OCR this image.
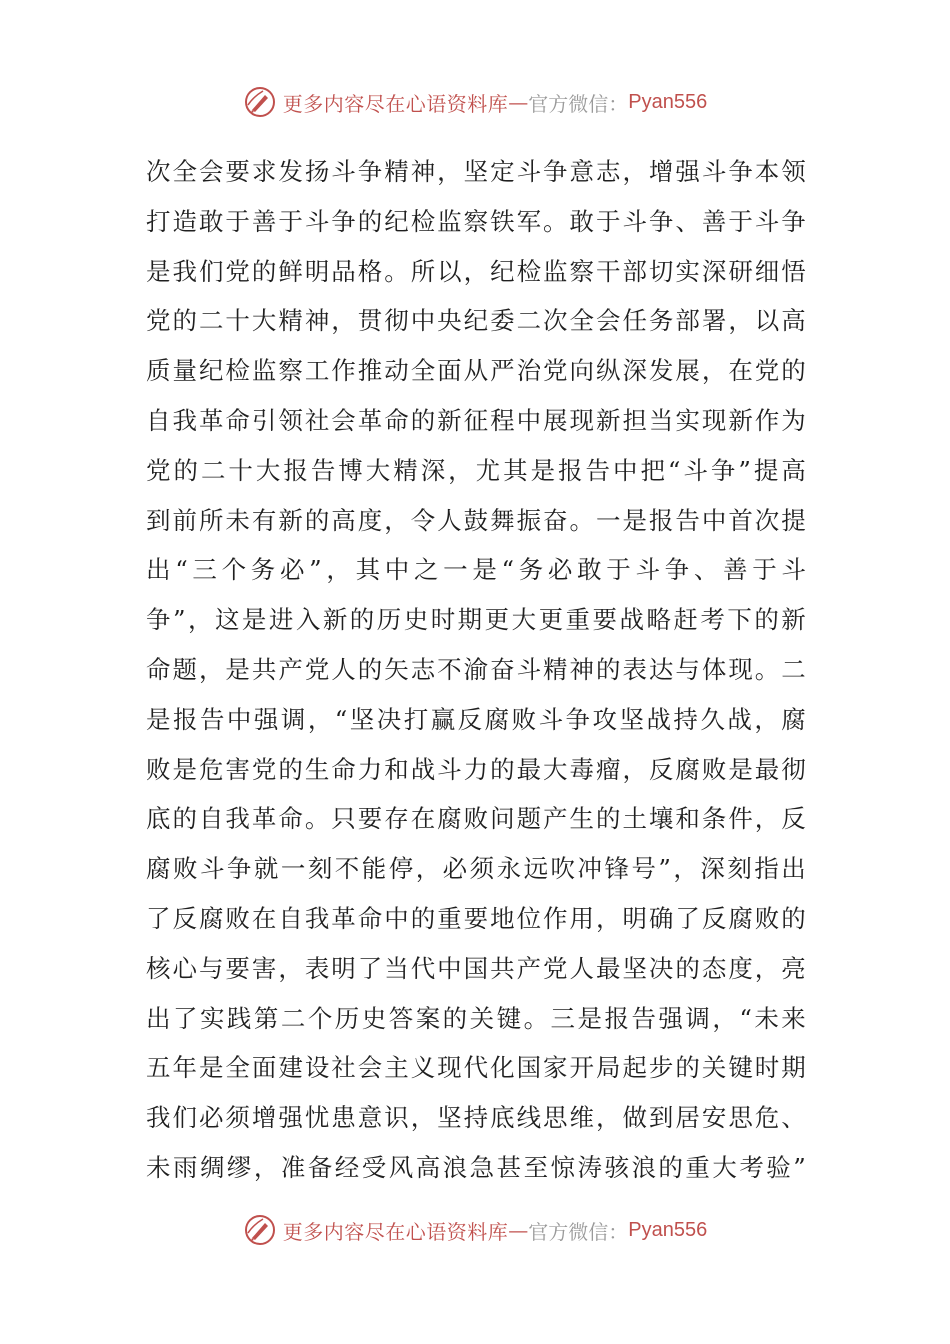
更多内容尽在心语资料库 — 官方微信： Pyan556
次 全 会 要 求 发 扬 斗 争 精 神 ， 坚 定 斗 争 意 志 ， 增 强 斗 争 本 领
打 造 敢 于 善 于 斗 争 的 纪 检 监 察 铁 军 。 敢 于 斗 争 、 善 于 斗 争
是 我 们 党 的 鲜 明 品 格 。 所 以 ， 纪 检 监 察 干 部 切 实 深 研 细 悟
党 的 二 十 大 精 神 ， 贯 彻 中 央 纪 委 二 次 全 会 任 务 部 署 ， 以 高
质 量 纪 检 监 察 工 作 推 动 全 面 从 严 治 党 向 纵 深 发 展 ， 在 党 的
自 我 革 命 引 领 社 会 革 命 的 新 征 程 中 展 现 新 担 当 实 现 新 作 为
党 的 二 十 大 报 告 博 大 精 深 ， 尤 其 是 报 告 中 把 “ 斗 争 ” 提 高
到 前 所 未 有 新 的 高 度 ， 令 人 鼓 舞 振 奋 。 一 是 报 告 中 首 次 提
出 “ 三 个 务 必 ” ， 其 中 之 一 是 “ 务 必 敢 于 斗 争 、 善 于 斗
争 ” ， 这 是 进 入 新 的 历 史 时 期 更 大 更 重 要 战 略 赶 考 下 的 新
命 题 ， 是 共 产 党 人 的 矢 志 不 渝 奋 斗 精 神 的 表 达 与 体 现 。 二
是 报 告 中 强 调 ， “ 坚 决 打 赢 反 腐 败 斗 争 攻 坚 战 持 久 战 ， 腐
败 是 危 害 党 的 生 命 力 和 战 斗 力 的 最 大 毒 瘤 ， 反 腐 败 是 最 彻
底 的 自 我 革 命 。 只 要 存 在 腐 败 问 题 产 生 的 土 壤 和 条 件 ， 反
腐 败 斗 争 就 一 刻 不 能 停 ， 必 须 永 远 吹 冲 锋 号 ” ， 深 刻 指 出
了 反 腐 败 在 自 我 革 命 中 的 重 要 地 位 作 用 ， 明 确 了 反 腐 败 的
核 心 与 要 害 ， 表 明 了 当 代 中 国 共 产 党 人 最 坚 决 的 态 度 ， 亮
出 了 实 践 第 二 个 历 史 答 案 的 关 键 。 三 是 报 告 强 调 ， “ 未 来
五 年 是 全 面 建 设 社 会 主 义 现 代 化 国 家 开 局 起 步 的 关 键 时 期
我 们 必 须 增 强 忧 患 意 识 ， 坚 持 底 线 思 维 ， 做 到 居 安 思 危 、
未 雨 绸 缪 ， 准 备 经 受 风 高 浪 急 甚 至 惊 涛 骇 浪 的 重 大 考 验 ”
更多内容尽在心语资料库 — 官方微信： Pyan556
